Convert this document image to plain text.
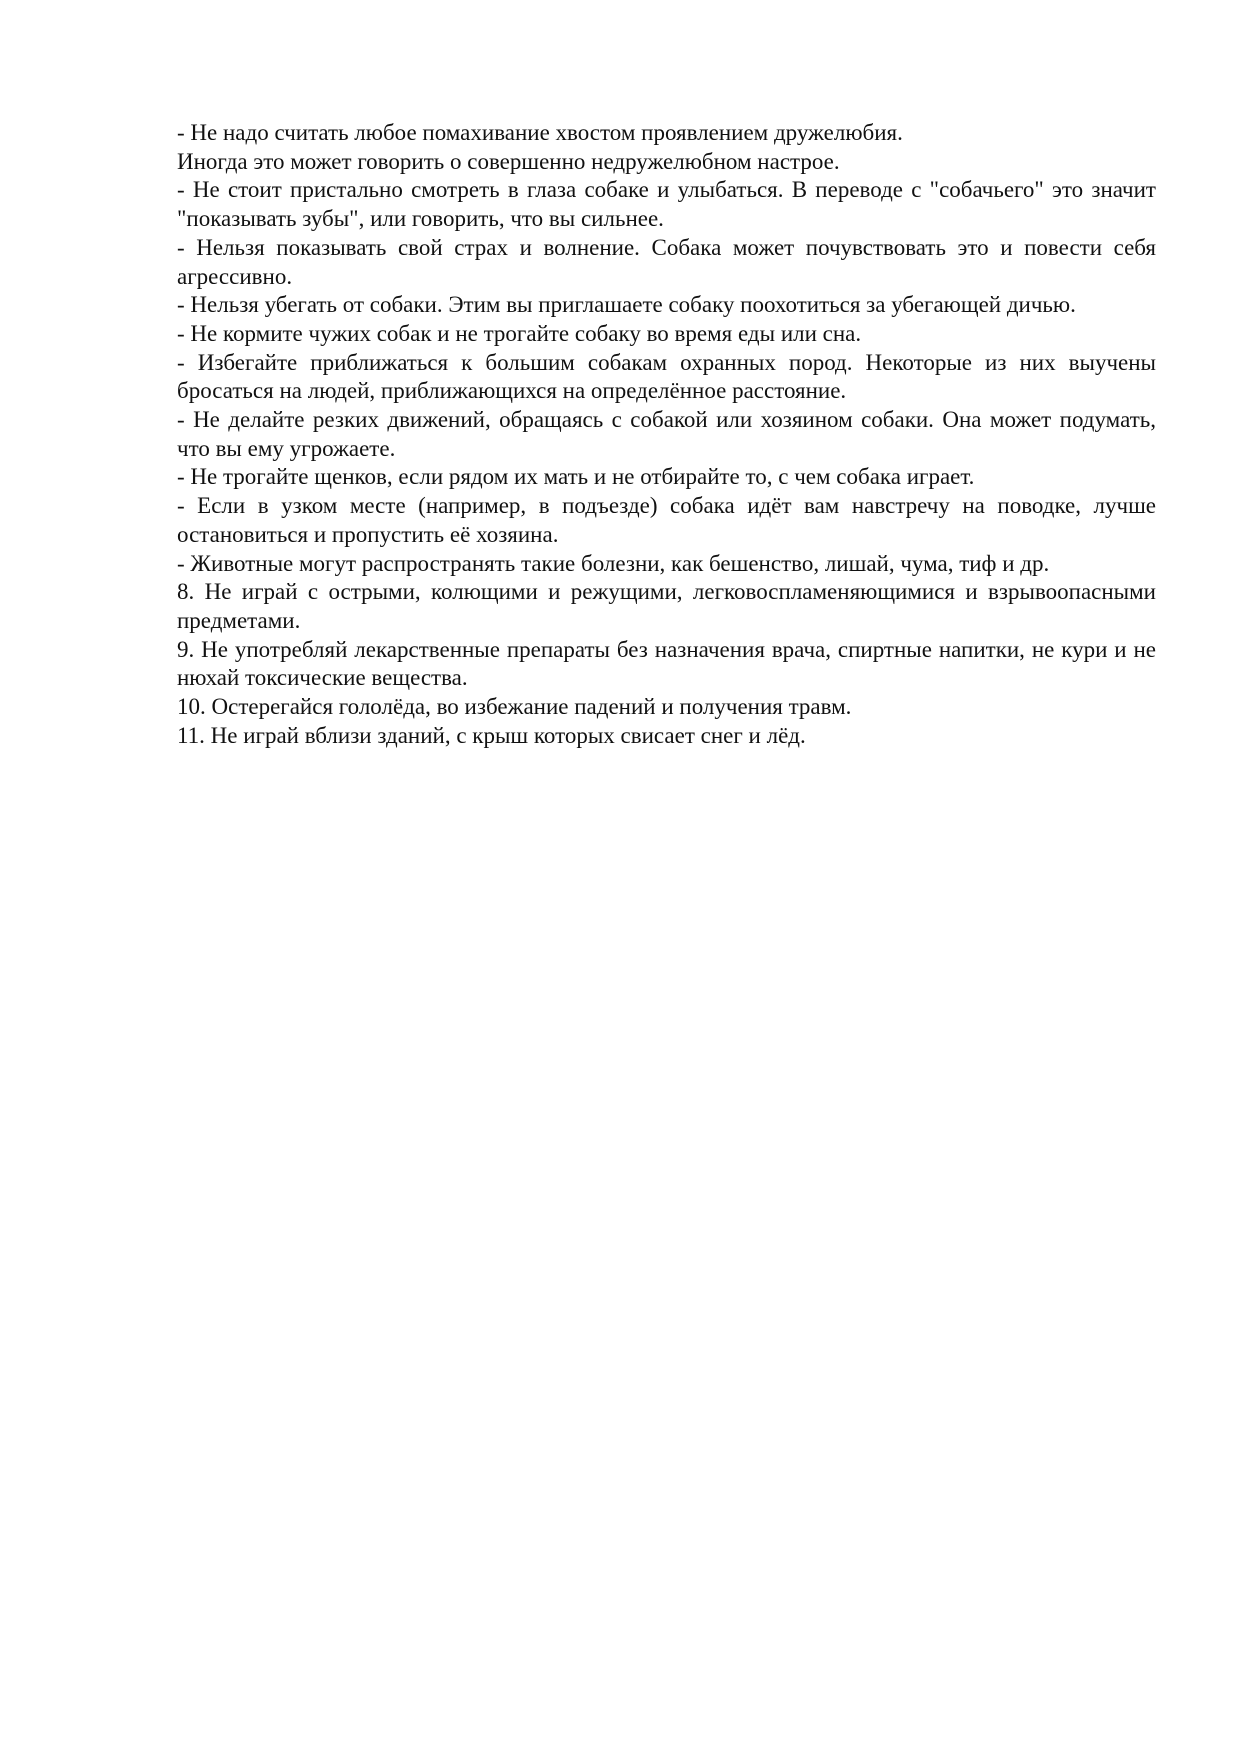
- Не надо считать любое помахивание хвостом проявлением дружелюбия.

Иногда это может говорить о совершенно недружелюбном настрое.

- Не стоит пристально смотреть в глаза собаке и улыбаться. В переводе с "собачьего" это значит "показывать зубы", или говорить, что вы сильнее.

- Нельзя показывать свой страх и волнение. Собака может почувствовать это и повести себя агрессивно.

- Нельзя убегать от собаки. Этим вы приглашаете собаку поохотиться за убегающей дичью.

- Не кормите чужих собак и не трогайте собаку во время еды или сна.

- Избегайте приближаться к большим собакам охранных пород. Некоторые из них выучены бросаться на людей, приближающихся на определённое расстояние.

- Не делайте резких движений, обращаясь с собакой или хозяином собаки. Она может подумать, что вы ему угрожаете.

- Не трогайте щенков, если рядом их мать и не отбирайте то, с чем собака играет.

- Если в узком месте (например, в подъезде) собака идёт вам навстречу на поводке, лучше остановиться и пропустить её хозяина.

- Животные могут распространять такие болезни, как бешенство, лишай, чума, тиф и др.

8. Не играй с острыми, колющими и режущими, легковоспламеняющимися и взрывоопасными предметами.

9. Не употребляй лекарственные препараты без назначения врача, спиртные напитки, не кури и не нюхай токсические вещества.

10. Остерегайся гололёда, во избежание падений и получения травм.

11. Не играй вблизи зданий, с крыш которых свисает снег и лёд.
